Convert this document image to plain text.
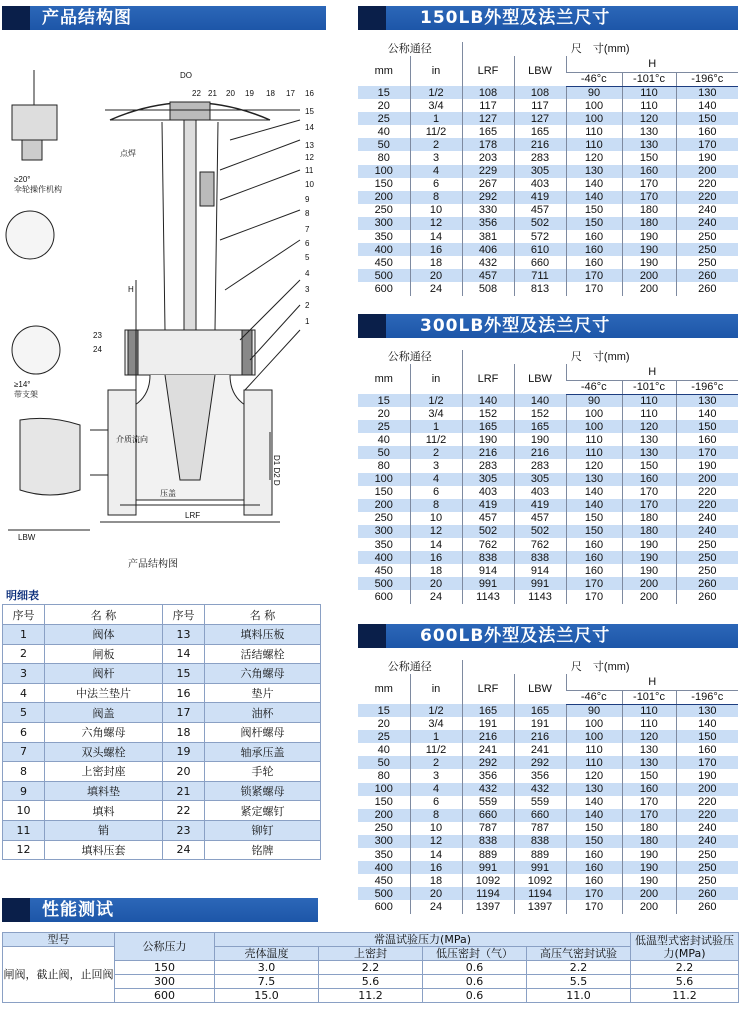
产品结构图
DO
22 21 20 19 18 17 16
15
14
13
12
11
10
9
8
7
6
5
4
3
2
1
23
24
H
LBW
LRF
D1 D2 D
≥20°
伞轮操作机构
点焊
≥14°
带支架
介质流向
压盖
产品结构图
明细表
序号	名 称	序号	名 称
1	阀体	13	填料压板
2	闸板	14	活结螺栓
3	阀杆	15	六角螺母
4	中法兰垫片	16	垫片
5	阀盖	17	油杯
6	六角螺母	18	阀杆螺母
7	双头螺栓	19	轴承压盖
8	上密封座	20	手轮
9	填料垫	21	锁紧螺母
10	填料	22	紧定螺钉
11	销	23	铆钉
12	填料压套	24	铭牌
150LB外型及法兰尺寸
公称通径		尺　寸(mm)				
mm	in	LRF	LBW	H		
				-46°c	-101°c	-196°c
15	1/2	108	108	90	110	130
20	3/4	117	117	100	110	140
25	1	127	127	100	120	150
40	11/2	165	165	110	130	160
50	2	178	216	110	130	170
80	3	203	283	120	150	190
100	4	229	305	130	160	200
150	6	267	403	140	170	220
200	8	292	419	140	170	220
250	10	330	457	150	180	240
300	12	356	502	150	180	240
350	14	381	572	160	190	250
400	16	406	610	160	190	250
450	18	432	660	160	190	250
500	20	457	711	170	200	260
600	24	508	813	170	200	260
300LB外型及法兰尺寸
公称通径		尺　寸(mm)				
mm	in	LRF	LBW	H		
				-46°c	-101°c	-196°c
15	1/2	140	140	90	110	130
20	3/4	152	152	100	110	140
25	1	165	165	100	120	150
40	11/2	190	190	110	130	160
50	2	216	216	110	130	170
80	3	283	283	120	150	190
100	4	305	305	130	160	200
150	6	403	403	140	170	220
200	8	419	419	140	170	220
250	10	457	457	150	180	240
300	12	502	502	150	180	240
350	14	762	762	160	190	250
400	16	838	838	160	190	250
450	18	914	914	160	190	250
500	20	991	991	170	200	260
600	24	1143	1143	170	200	260
600LB外型及法兰尺寸
公称通径		尺　寸(mm)				
mm	in	LRF	LBW	H		
				-46°c	-101°c	-196°c
15	1/2	165	165	90	110	130
20	3/4	191	191	100	110	140
25	1	216	216	100	120	150
40	11/2	241	241	110	130	160
50	2	292	292	110	130	170
80	3	356	356	120	150	190
100	4	432	432	130	160	200
150	6	559	559	140	170	220
200	8	660	660	140	170	220
250	10	787	787	150	180	240
300	12	838	838	150	180	240
350	14	889	889	160	190	250
400	16	991	991	160	190	250
450	18	1092	1092	160	190	250
500	20	1194	1194	170	200	260
600	24	1397	1397	170	200	260
性能测试
型号	公称压力	常温试验压力(MPa)				低温型式密封试验压力(MPa)
闸阀，截止阀，止回阀		壳体温度	上密封	低压密封（气）	高压气密封试验	
	150	3.0	2.2	0.6	2.2	2.2
	300	7.5	5.6	0.6	5.5	5.6
	600	15.0	11.2	0.6	11.0	11.2
